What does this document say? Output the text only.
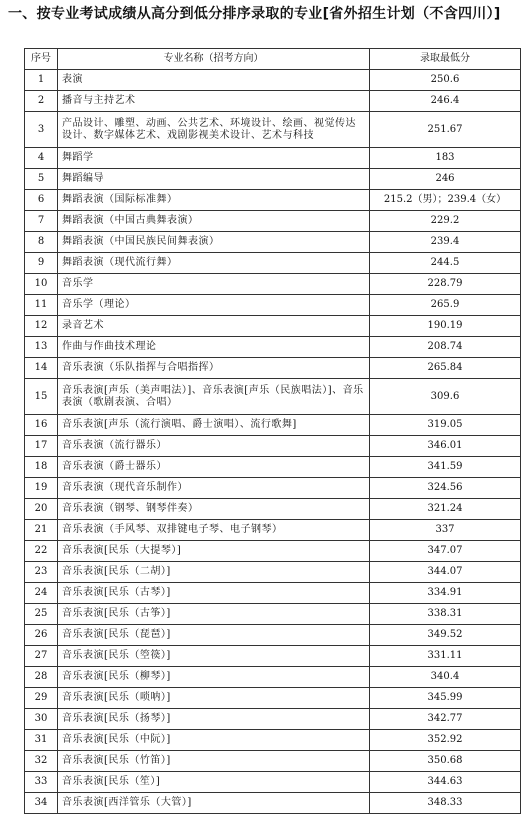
一、按专业考试成绩从高分到低分排序录取的专业[省外招生计划（不含四川）]
序号	专业名称（招考方向）	录取最低分
1	表演	250.6
2	播音与主持艺术	246.4
3	产品设计、雕塑、动画、公共艺术、环境设计、绘画、视觉传达设计、数字媒体艺术、戏剧影视美术设计、艺术与科技	251.67
4	舞蹈学	183
5	舞蹈编导	246
6	舞蹈表演（国际标准舞）	215.2（男）；239.4（女）
7	舞蹈表演（中国古典舞表演）	229.2
8	舞蹈表演（中国民族民间舞表演）	239.4
9	舞蹈表演（现代流行舞）	244.5
10	音乐学	228.79
11	音乐学（理论）	265.9
12	录音艺术	190.19
13	作曲与作曲技术理论	208.74
14	音乐表演（乐队指挥与合唱指挥）	265.84
15	音乐表演[声乐（美声唱法）]、音乐表演[声乐（民族唱法）]、音乐表演（歌剧表演、合唱）	309.6
16	音乐表演[声乐（流行演唱、爵士演唱）、流行歌舞]	319.05
17	音乐表演（流行器乐）	346.01
18	音乐表演（爵士器乐）	341.59
19	音乐表演（现代音乐制作）	324.56
20	音乐表演（钢琴、钢琴伴奏）	321.24
21	音乐表演（手风琴、双排键电子琴、电子钢琴）	337
22	音乐表演[民乐（大提琴）]	347.07
23	音乐表演[民乐（二胡）]	344.07
24	音乐表演[民乐（古琴）]	334.91
25	音乐表演[民乐（古筝）]	338.31
26	音乐表演[民乐（琵琶）]	349.52
27	音乐表演[民乐（箜篌）]	331.11
28	音乐表演[民乐（柳琴）]	340.4
29	音乐表演[民乐（唢呐）]	345.99
30	音乐表演[民乐（扬琴）]	342.77
31	音乐表演[民乐（中阮）]	352.92
32	音乐表演[民乐（竹笛）]	350.68
33	音乐表演[民乐（笙）]	344.63
34	音乐表演[西洋管乐（大管）]	348.33
